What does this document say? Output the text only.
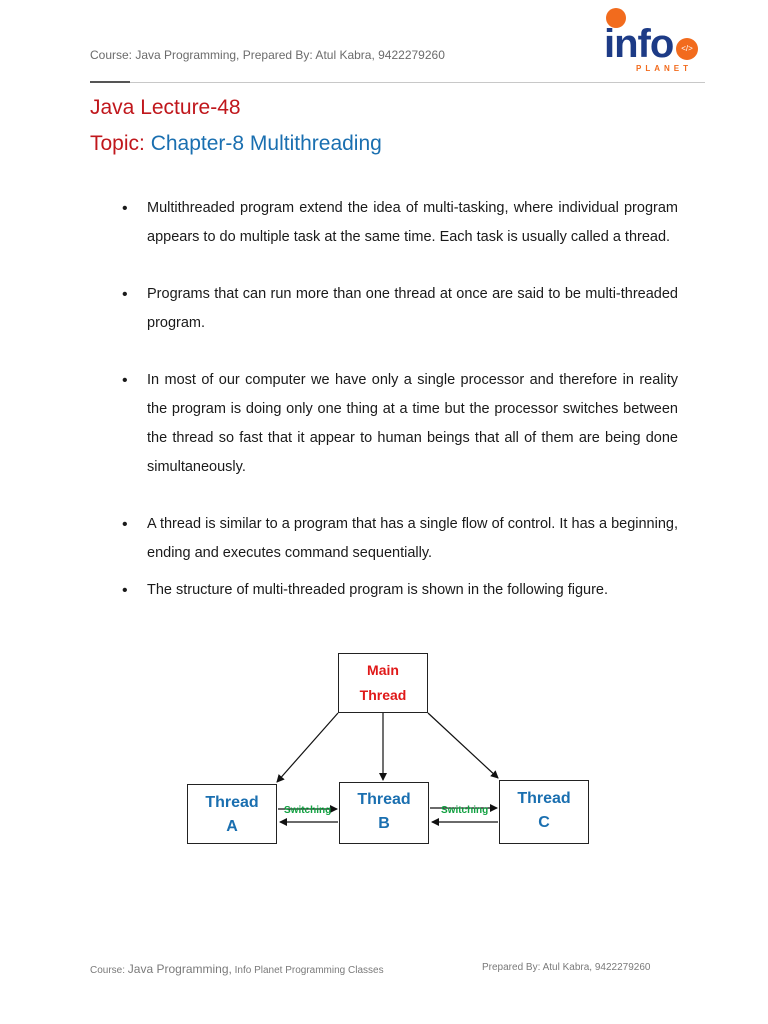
Course: Java Programming, Prepared By: Atul Kabra, 9422279260	info </>
PLANET
Java Lecture-48
Topic: Chapter-8 Multithreading
• Multithreaded program extend the idea of multi-tasking, where individual program appears to do multiple task at the same time. Each task is usually called a thread.
• Programs that can run more than one thread at once are said to be multi-threaded program.
• In most of our computer we have only a single processor and therefore in reality the program is doing only one thing at a time but the processor switches between the thread so fast that it appear to human beings that all of them are being done simultaneously.
• A thread is similar to a program that has a single flow of control. It has a beginning, ending and executes command sequentially.
• The structure of multi-threaded program is shown in the following figure.
Main
Thread
Thread
A
Thread
B
Thread
C
Switching	Switching
Course: Java Programming, Info Planet Programming Classes	Prepared By: Atul Kabra, 9422279260
